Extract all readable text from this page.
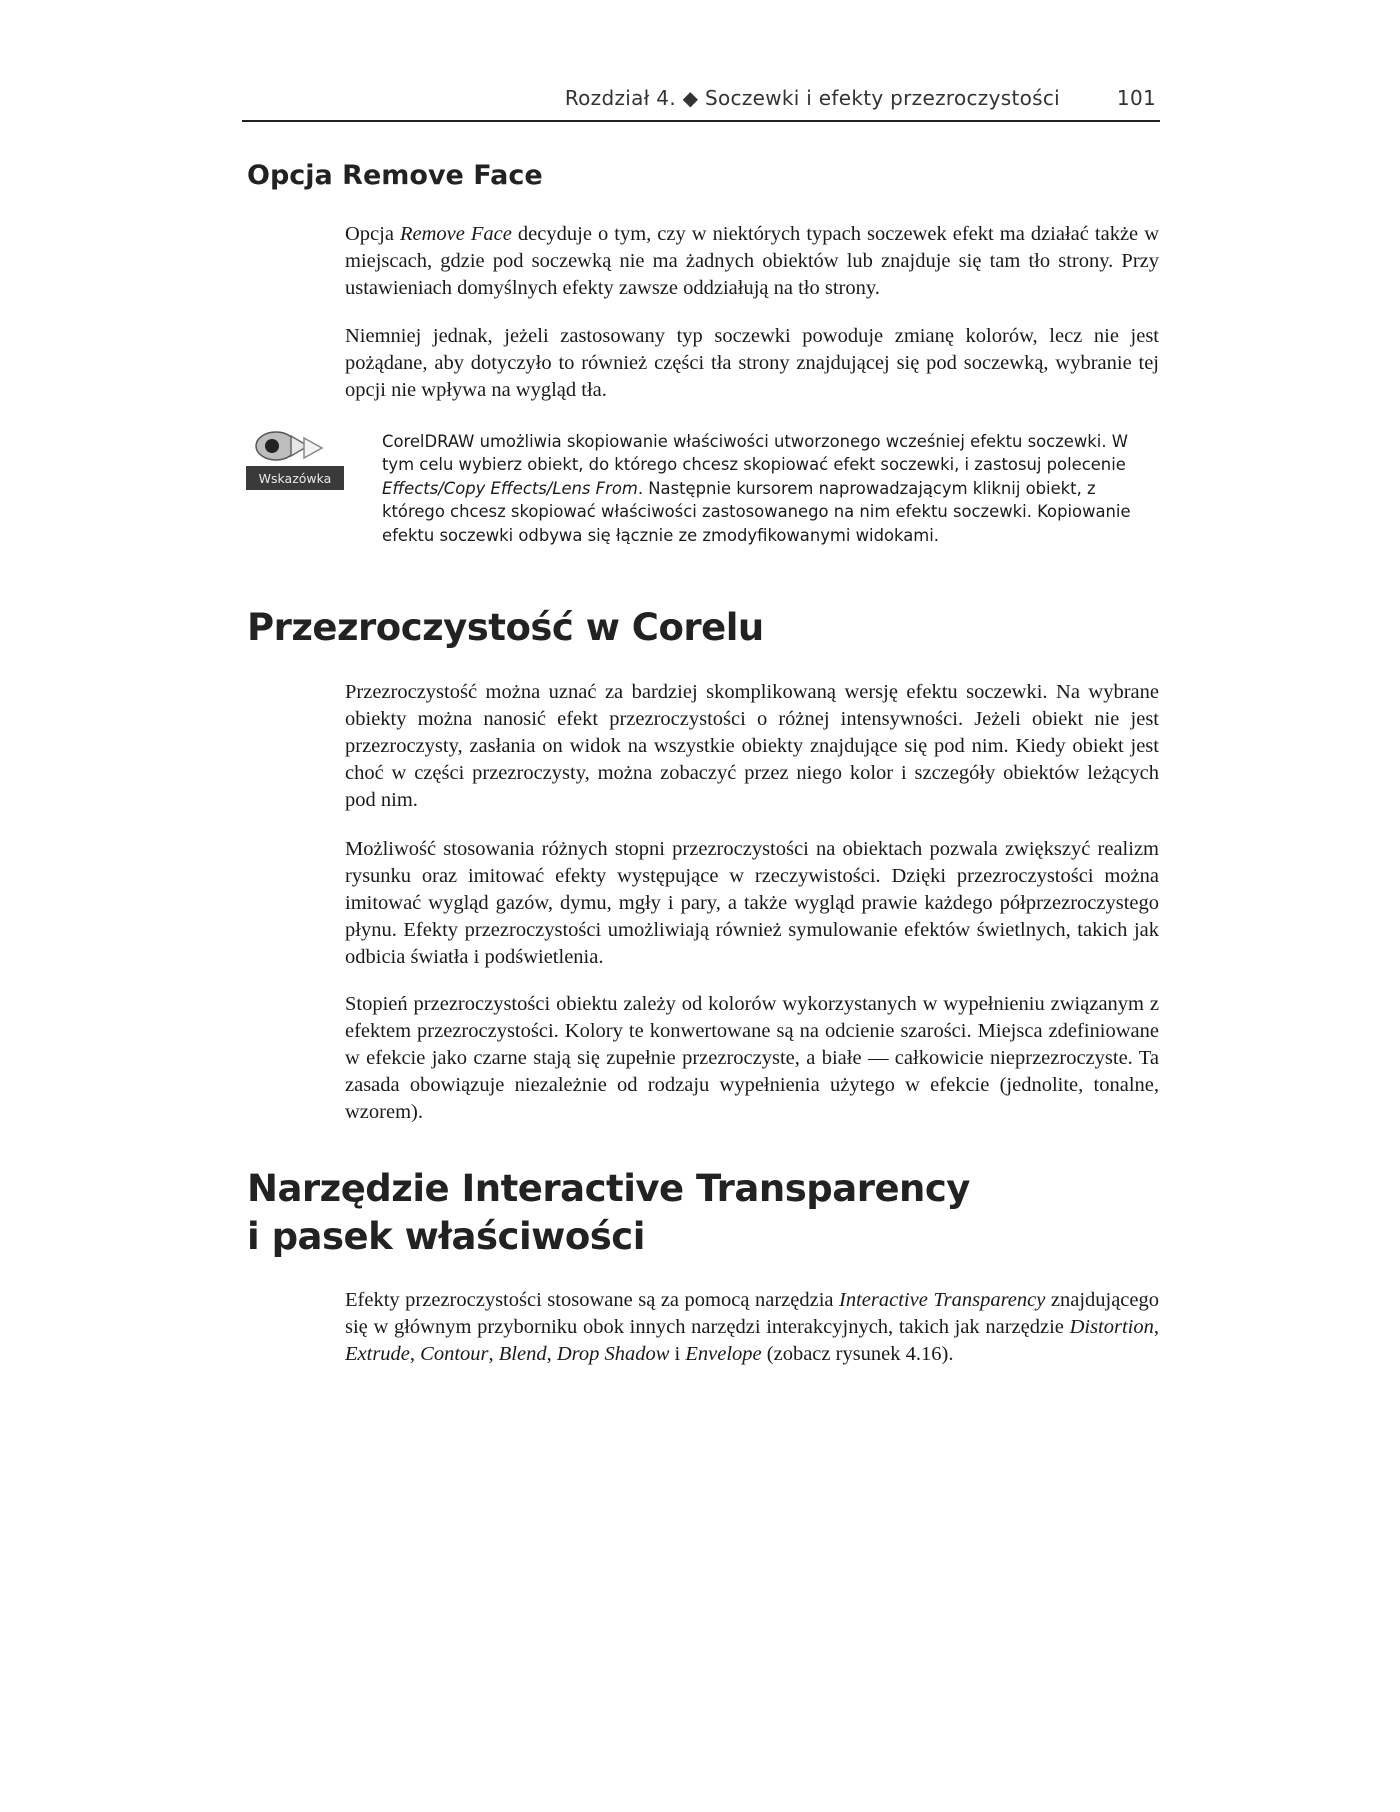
Rozdział 4. ◆ Soczewki i efekty przezroczystości	101
Opcja Remove Face

Opcja Remove Face decyduje o tym, czy w niektórych typach soczewek efekt ma działać także w miejscach, gdzie pod soczewką nie ma żadnych obiektów lub znajduje się tam tło strony. Przy ustawieniach domyślnych efekty zawsze oddziałują na tło strony.

Niemniej jednak, jeżeli zastosowany typ soczewki powoduje zmianę kolorów, lecz nie jest pożądane, aby dotyczyło to również części tła strony znajdującej się pod soczewką, wybranie tej opcji nie wpływa na wygląd tła.

Wskazówka

CorelDRAW umożliwia skopiowanie właściwości utworzonego wcześniej efektu soczewki. W tym celu wybierz obiekt, do którego chcesz skopiować efekt soczewki, i zastosuj polecenie Effects/Copy Effects/Lens From. Następnie kursorem naprowadzającym kliknij obiekt, z którego chcesz skopiować właściwości zastosowanego na nim efektu soczewki. Kopiowanie efektu soczewki odbywa się łącznie ze zmodyfikowanymi widokami.

Przezroczystość w Corelu

Przezroczystość można uznać za bardziej skomplikowaną wersję efektu soczewki. Na wybrane obiekty można nanosić efekt przezroczystości o różnej intensywności. Jeżeli obiekt nie jest przezroczysty, zasłania on widok na wszystkie obiekty znajdujące się pod nim. Kiedy obiekt jest choć w części przezroczysty, można zobaczyć przez niego kolor i szczegóły obiektów leżących pod nim.

Możliwość stosowania różnych stopni przezroczystości na obiektach pozwala zwiększyć realizm rysunku oraz imitować efekty występujące w rzeczywistości. Dzięki przezroczystości można imitować wygląd gazów, dymu, mgły i pary, a także wygląd prawie każdego półprzezroczystego płynu. Efekty przezroczystości umożliwiają również symulowanie efektów świetlnych, takich jak odbicia światła i podświetlenia.

Stopień przezroczystości obiektu zależy od kolorów wykorzystanych w wypełnieniu związanym z efektem przezroczystości. Kolory te konwertowane są na odcienie szarości. Miejsca zdefiniowane w efekcie jako czarne stają się zupełnie przezroczyste, a białe — całkowicie nieprzezroczyste. Ta zasada obowiązuje niezależnie od rodzaju wypełnienia użytego w efekcie (jednolite, tonalne, wzorem).

Narzędzie Interactive Transparency
i pasek właściwości

Efekty przezroczystości stosowane są za pomocą narzędzia Interactive Transparency znajdującego się w głównym przyborniku obok innych narzędzi interakcyjnych, takich jak narzędzie Distortion, Extrude, Contour, Blend, Drop Shadow i Envelope (zobacz rysunek 4.16).
